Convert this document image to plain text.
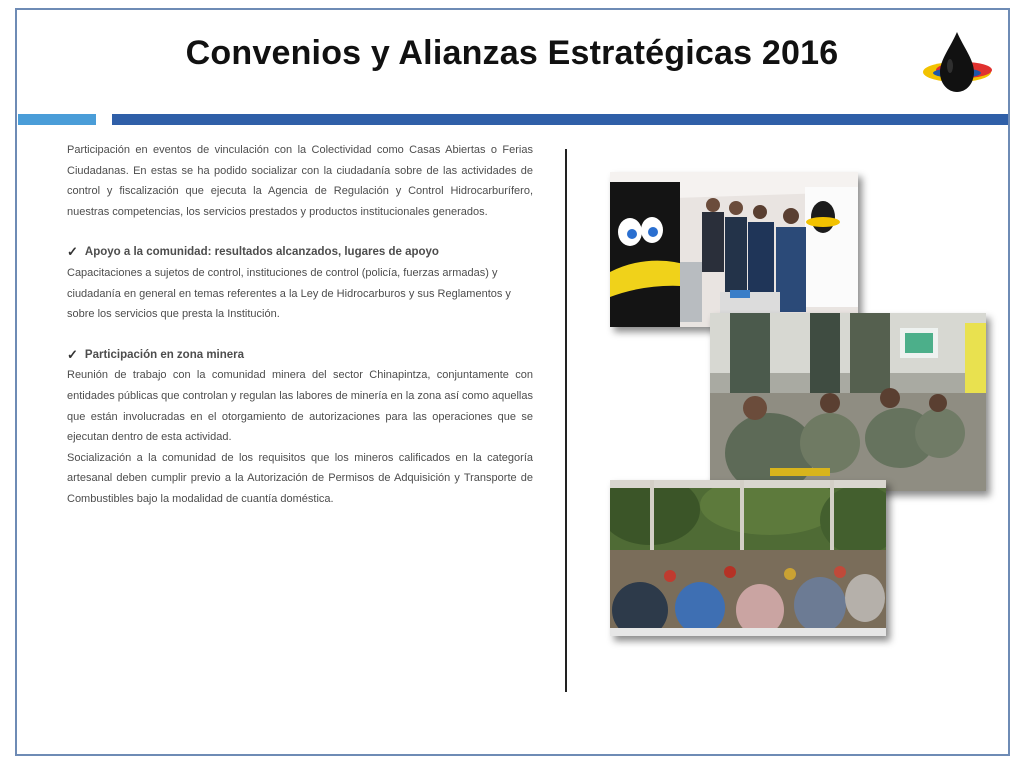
Convenios y Alianzas Estratégicas 2016

Participación en eventos de vinculación con la Colectividad como Casas Abiertas o Ferias Ciudadanas. En estas se ha podido socializar con la ciudadanía sobre de las actividades de control y fiscalización que ejecuta la Agencia de Regulación y Control Hidrocarburífero, nuestras competencias, los servicios prestados y productos institucionales generados.

✓ Apoyo a la comunidad: resultados alcanzados, lugares de apoyo

Capacitaciones a sujetos de control, instituciones de control (policía, fuerzas armadas) y ciudadanía en general en temas referentes a la Ley de Hidrocarburos y sus Reglamentos y sobre los servicios que presta la Institución.

✓ Participación en zona minera

Reunión de trabajo con la comunidad minera del sector Chinapintza, conjuntamente con entidades públicas que controlan y regulan las labores de minería en la zona así como aquellas que están involucradas en el otorgamiento de autorizaciones para las operaciones que se ejecutan dentro de esta actividad.

Socialización a la comunidad de los requisitos que los mineros calificados en la categoría artesanal deben cumplir previo a la Autorización de Permisos de Adquisición y Transporte de Combustibles bajo la modalidad de cuantía doméstica.
